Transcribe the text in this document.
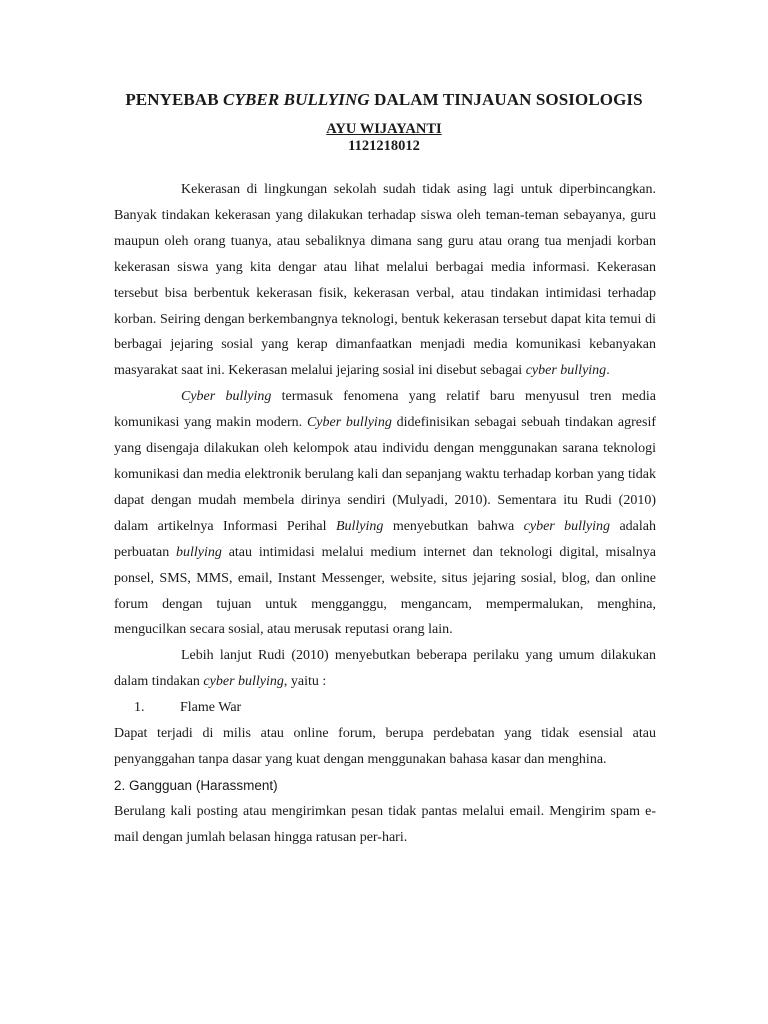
PENYEBAB CYBER BULLYING DALAM TINJAUAN SOSIOLOGIS
AYU WIJAYANTI
1121218012

Kekerasan di lingkungan sekolah sudah tidak asing lagi untuk diperbincangkan. Banyak tindakan kekerasan yang dilakukan terhadap siswa oleh teman-teman sebayanya, guru maupun oleh orang tuanya, atau sebaliknya dimana sang guru atau orang tua menjadi korban kekerasan siswa yang kita dengar atau lihat melalui berbagai media informasi. Kekerasan tersebut bisa berbentuk kekerasan fisik, kekerasan verbal, atau tindakan intimidasi terhadap korban. Seiring dengan berkembangnya teknologi, bentuk kekerasan tersebut dapat kita temui di berbagai jejaring sosial yang kerap dimanfaatkan menjadi media komunikasi kebanyakan masyarakat saat ini. Kekerasan melalui jejaring sosial ini disebut sebagai cyber bullying.

Cyber bullying termasuk fenomena yang relatif baru menyusul tren media komunikasi yang makin modern. Cyber bullying didefinisikan sebagai sebuah tindakan agresif yang disengaja dilakukan oleh kelompok atau individu dengan menggunakan sarana teknologi komunikasi dan media elektronik berulang kali dan sepanjang waktu terhadap korban yang tidak dapat dengan mudah membela dirinya sendiri (Mulyadi, 2010). Sementara itu Rudi (2010) dalam artikelnya Informasi Perihal Bullying menyebutkan bahwa cyber bullying adalah perbuatan bullying atau intimidasi melalui medium internet dan teknologi digital, misalnya ponsel, SMS, MMS, email, Instant Messenger, website, situs jejaring sosial, blog, dan online forum dengan tujuan untuk mengganggu, mengancam, mempermalukan, menghina, mengucilkan secara sosial, atau merusak reputasi orang lain.

Lebih lanjut Rudi (2010) menyebutkan beberapa perilaku yang umum dilakukan dalam tindakan cyber bullying, yaitu :

1.	Flame War

Dapat terjadi di milis atau online forum, berupa perdebatan yang tidak esensial atau penyanggahan tanpa dasar yang kuat dengan menggunakan bahasa kasar dan menghina.

2. Gangguan (Harassment)

Berulang kali posting atau mengirimkan pesan tidak pantas melalui email. Mengirim spam e-mail dengan jumlah belasan hingga ratusan per-hari.
